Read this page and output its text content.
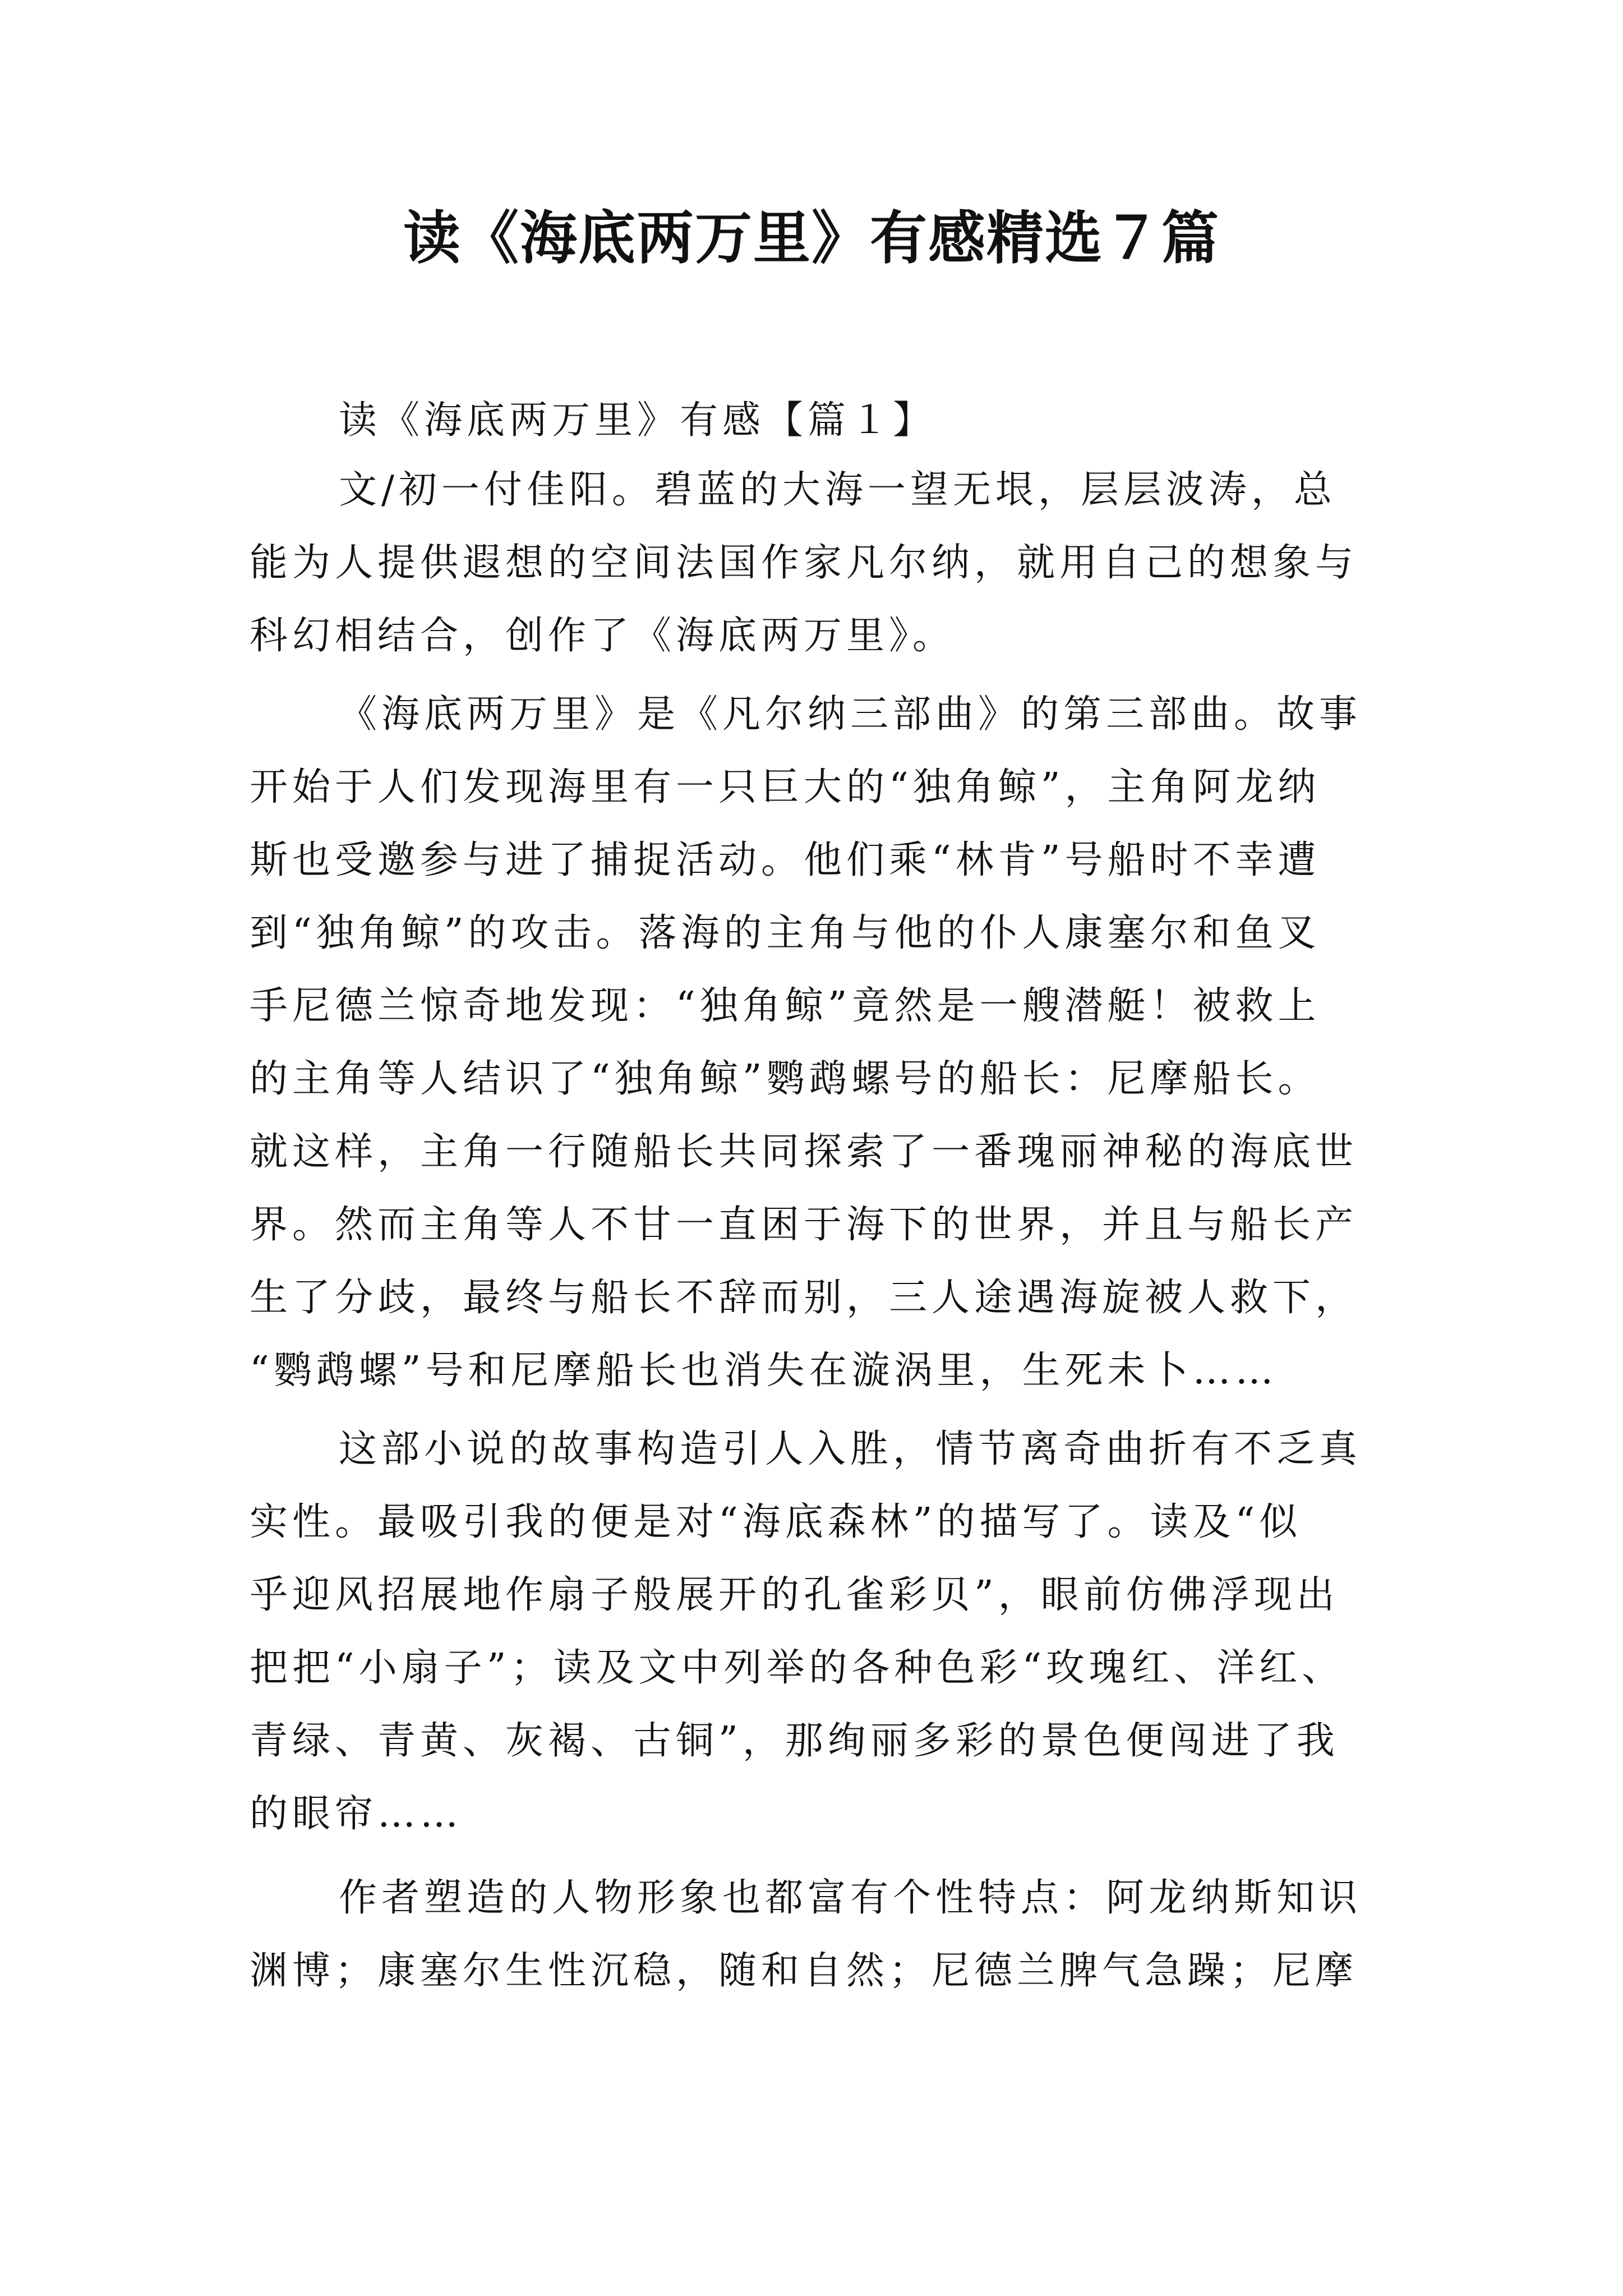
读《海底两万里》有感精选７篇

读《海底两万里》有感【篇１】

文/初一付佳阳。碧蓝的大海一望无垠，层层波涛，总

能为人提供遐想的空间法国作家凡尔纳，就用自己的想象与

科幻相结合，创作了《海底两万里》。

《海底两万里》是《凡尔纳三部曲》的第三部曲。故事

开始于人们发现海里有一只巨大的“独角鲸”，主角阿龙纳

斯也受邀参与进了捕捉活动。他们乘“林肯”号船时不幸遭

到“独角鲸”的攻击。落海的主角与他的仆人康塞尔和鱼叉

手尼德兰惊奇地发现：“独角鲸”竟然是一艘潜艇！被救上

的主角等人结识了“独角鲸”鹦鹉螺号的船长：尼摩船长。

就这样，主角一行随船长共同探索了一番瑰丽神秘的海底世

界。然而主角等人不甘一直困于海下的世界，并且与船长产

生了分歧，最终与船长不辞而别，三人途遇海旋被人救下，

“鹦鹉螺”号和尼摩船长也消失在漩涡里，生死未卜……

这部小说的故事构造引人入胜，情节离奇曲折有不乏真

实性。最吸引我的便是对“海底森林”的描写了。读及“似

乎迎风招展地作扇子般展开的孔雀彩贝”，眼前仿佛浮现出

把把“小扇子”；读及文中列举的各种色彩“玫瑰红、洋红、

青绿、青黄、灰褐、古铜”，那绚丽多彩的景色便闯进了我

的眼帘……

作者塑造的人物形象也都富有个性特点：阿龙纳斯知识

渊博；康塞尔生性沉稳，随和自然；尼德兰脾气急躁；尼摩
